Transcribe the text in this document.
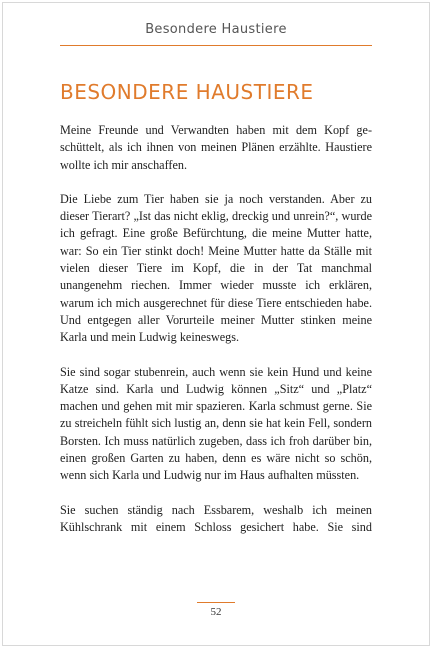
Besondere Haustiere
BESONDERE HAUSTIERE

Meine Freunde und Verwandten haben mit dem Kopf geschüttelt, als ich ihnen von meinen Plänen erzählte. Haustiere wollte ich mir anschaffen.

Die Liebe zum Tier haben sie ja noch verstanden. Aber zu dieser Tierart? „Ist das nicht eklig, dreckig und unrein?“, wurde ich gefragt. Eine große Befürchtung, die meine Mutter hatte, war: So ein Tier stinkt doch! Meine Mutter hatte da Ställe mit vielen dieser Tiere im Kopf, die in der Tat manchmal unangenehm riechen. Immer wieder musste ich erklären, warum ich mich ausgerechnet für diese Tiere entschieden habe. Und entgegen aller Vorurteile meiner Mutter stinken meine Karla und mein Ludwig keineswegs.

Sie sind sogar stubenrein, auch wenn sie kein Hund und keine Katze sind. Karla und Ludwig können „Sitz“ und „Platz“ machen und gehen mit mir spazieren. Karla schmust gerne. Sie zu streicheln fühlt sich lustig an, denn sie hat kein Fell, sondern Borsten. Ich muss natürlich zugeben, dass ich froh darüber bin, einen großen Garten zu haben, denn es wäre nicht so schön, wenn sich Karla und Ludwig nur im Haus aufhalten müssten.

Sie suchen ständig nach Essbarem, weshalb ich meinen Kühlschrank mit einem Schloss gesichert habe. Sie sind

52
